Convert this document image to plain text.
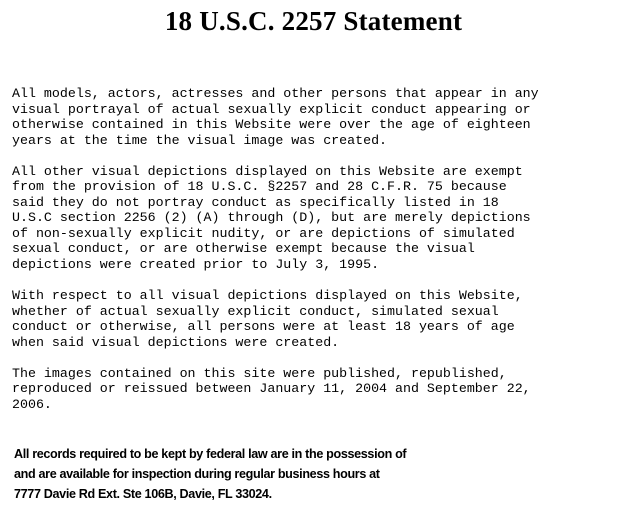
18 U.S.C. 2257 Statement

All models, actors, actresses and other persons that appear in any
visual portrayal of actual sexually explicit conduct appearing or
otherwise contained in this Website were over the age of eighteen
years at the time the visual image was created.

All other visual depictions displayed on this Website are exempt
from the provision of 18 U.S.C. §2257 and 28 C.F.R. 75 because
said they do not portray conduct as specifically listed in 18
U.S.C section 2256 (2) (A) through (D), but are merely depictions
of non-sexually explicit nudity, or are depictions of simulated
sexual conduct, or are otherwise exempt because the visual
depictions were created prior to July 3, 1995.

With respect to all visual depictions displayed on this Website,
whether of actual sexually explicit conduct, simulated sexual
conduct or otherwise, all persons were at least 18 years of age
when said visual depictions were created.

The images contained on this site were published, republished,
reproduced or reissued between January 11, 2004 and September 22,
2006.

All records required to be kept by federal law are in the possession of
and are available for inspection during regular business hours at
7777 Davie Rd Ext. Ste 106B, Davie, FL 33024.
